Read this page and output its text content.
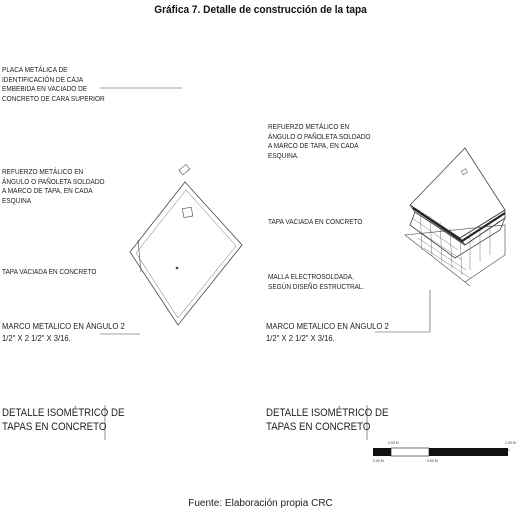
0.00 M	1.00 M
0.00 M	0.50 M
Gráfica 7. Detalle de construcción de la tapa
PLACA METÁLICA DE
IDENTIFICACIÓN DE CAJA
EMBEBIDA EN VACIADO DE
CONCRETO DE CARA SUPERIOR
REFUERZO METÁLICO EN
ÁNGULO O PAÑOLETA SOLDADO
A MARCO DE TAPA, EN CADA
ESQUINA
TAPA VACIADA EN CONCRETO
MARCO METALICO EN ÁNGULO 2
1/2" X 2 1/2" X 3/16.
DETALLE ISOMÉTRICO DE
TAPAS EN CONCRETO
REFUERZO METÁLICO EN
ÁNGULO O PAÑOLETA SOLDADO
A MARCO DE TAPA, EN CADA
ESQUINA.
TAPA VACIADA EN CONCRETO
MALLA ELECTROSOLDADA,
SEGÚN DISEÑO ESTRUCTRAL.
MARCO METALICO EN ÁNGULO 2
1/2" X 2 1/2" X 3/16.
DETALLE ISOMÉTRICO DE
TAPAS EN CONCRETO
Fuente: Elaboración propia CRC
